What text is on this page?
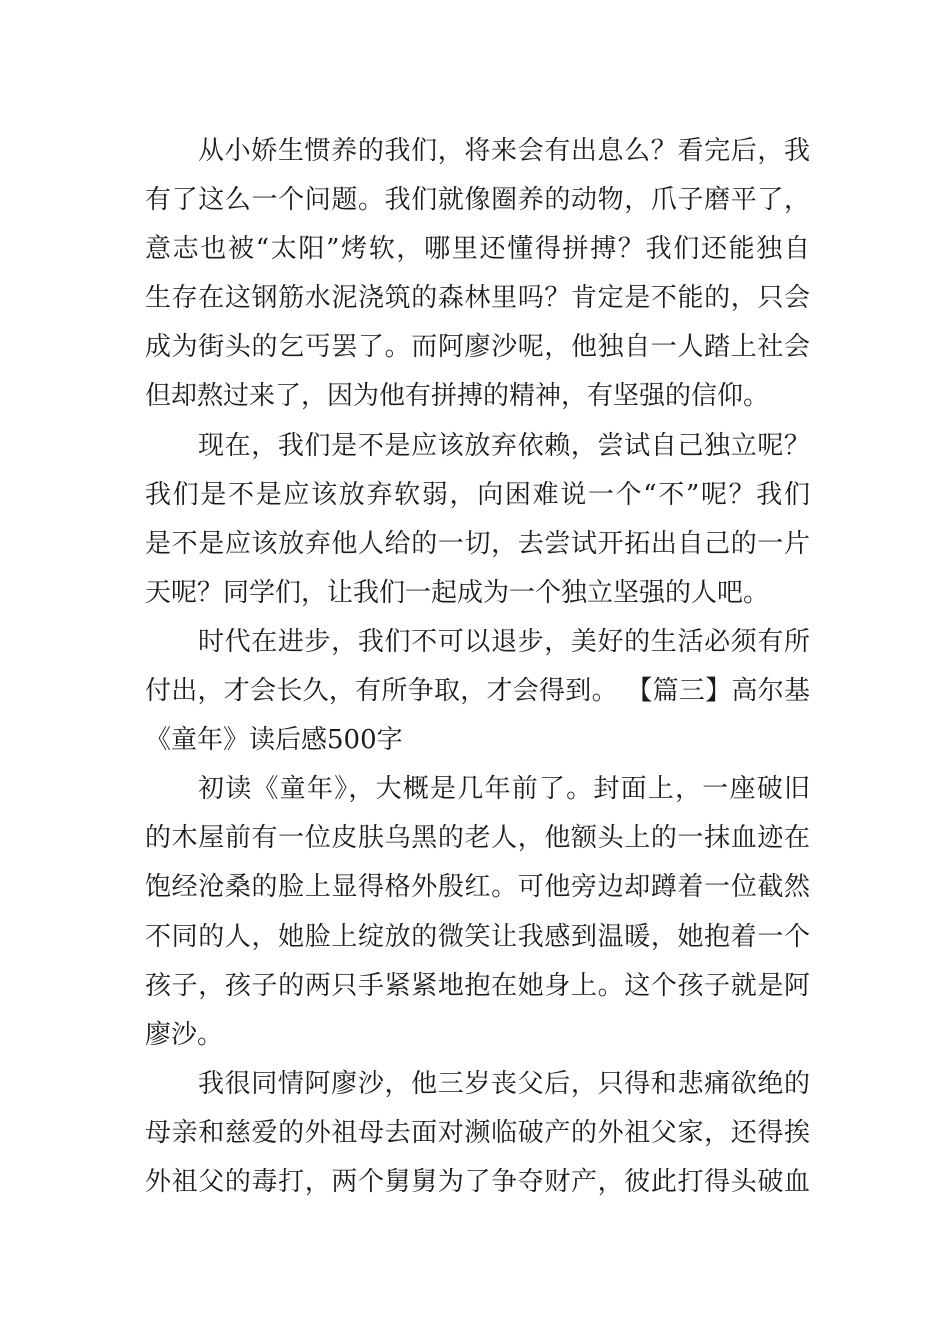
从小娇生惯养的我们，将来会有出息么？看完后，我
有了这么一个问题。我们就像圈养的动物，爪子磨平了，
意志也被“太阳”烤软，哪里还懂得拼搏？我们还能独自
生存在这钢筋水泥浇筑的森林里吗？肯定是不能的，只会
成为街头的乞丐罢了。而阿廖沙呢，他独自一人踏上社会
但却熬过来了，因为他有拼搏的精神，有坚强的信仰。
现在，我们是不是应该放弃依赖，尝试自己独立呢？
我们是不是应该放弃软弱，向困难说一个“不”呢？我们
是不是应该放弃他人给的一切，去尝试开拓出自己的一片
天呢？同学们，让我们一起成为一个独立坚强的人吧。
时代在进步，我们不可以退步，美好的生活必须有所
付出，才会长久，有所争取，才会得到。 【篇三】高尔基
《童年》读后感500字
初读《童年》，大概是几年前了。封面上，一座破旧
的木屋前有一位皮肤乌黑的老人，他额头上的一抹血迹在
饱经沧桑的脸上显得格外殷红。可他旁边却蹲着一位截然
不同的人，她脸上绽放的微笑让我感到温暖，她抱着一个
孩子，孩子的两只手紧紧地抱在她身上。这个孩子就是阿
廖沙。
我很同情阿廖沙，他三岁丧父后，只得和悲痛欲绝的
母亲和慈爱的外祖母去面对濒临破产的外祖父家，还得挨
外祖父的毒打，两个舅舅为了争夺财产，彼此打得头破血
